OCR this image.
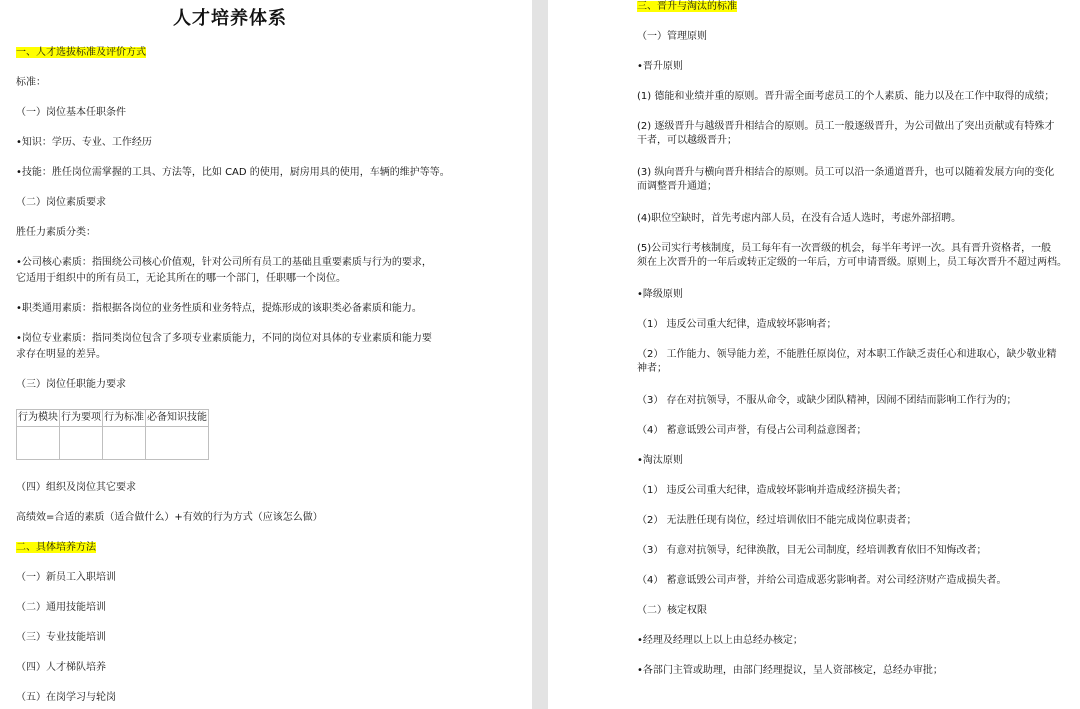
人才培养体系
一、人才选拔标准及评价方式
标准：
（一）岗位基本任职条件
•知识：学历、专业、工作经历
•技能：胜任岗位需掌握的工具、方法等，比如 CAD 的使用，厨房用具的使用，车辆的维护等等。
（二）岗位素质要求
胜任力素质分类：
•公司核心素质：指围绕公司核心价值观，针对公司所有员工的基础且重要素质与行为的要求，
它适用于组织中的所有员工，无论其所在的哪一个部门，任职哪一个岗位。
•职类通用素质：指根据各岗位的业务性质和业务特点，提炼形成的该职类必备素质和能力。
•岗位专业素质：指同类岗位包含了多项专业素质能力，不同的岗位对具体的专业素质和能力要
求存在明显的差异。
（三）岗位任职能力要求
行为模块	行为要项	行为标准	必备知识技能

（四）组织及岗位其它要求
高绩效=合适的素质（适合做什么）+有效的行为方式（应该怎么做）
二、具体培养方法
（一）新员工入职培训
（二）通用技能培训
（三）专业技能培训
（四）人才梯队培养
（五）在岗学习与轮岗
三、晋升与淘汰的标准
（一）管理原则
•晋升原则
(1) 德能和业绩并重的原则。晋升需全面考虑员工的个人素质、能力以及在工作中取得的成绩；
(2) 逐级晋升与越级晋升相结合的原则。员工一般逐级晋升，为公司做出了突出贡献或有特殊才
干者，可以越级晋升；
(3) 纵向晋升与横向晋升相结合的原则。员工可以沿一条通道晋升，也可以随着发展方向的变化
而调整晋升通道；
(4)职位空缺时，首先考虑内部人员，在没有合适人选时，考虑外部招聘。
(5)公司实行考核制度，员工每年有一次晋级的机会，每半年考评一次。具有晋升资格者，一般
须在上次晋升的一年后或转正定级的一年后，方可申请晋级。原则上，员工每次晋升不超过两档。
•降级原则
（1） 违反公司重大纪律，造成较坏影响者；
（2） 工作能力、领导能力差，不能胜任原岗位，对本职工作缺乏责任心和进取心，缺少敬业精
神者；
（3） 存在对抗领导，不服从命令，或缺少团队精神，因闹不团结而影响工作行为的；
（4） 蓄意诋毁公司声誉，有侵占公司利益意图者；
•淘汰原则
（1） 违反公司重大纪律，造成较坏影响并造成经济损失者；
（2） 无法胜任现有岗位，经过培训依旧不能完成岗位职责者；
（3） 有意对抗领导，纪律涣散，目无公司制度，经培训教育依旧不知悔改者；
（4） 蓄意诋毁公司声誉，并给公司造成恶劣影响者。对公司经济财产造成损失者。
（二）核定权限
•经理及经理以上以上由总经办核定；
•各部门主管或助理，由部门经理提议，呈人资部核定，总经办审批；
